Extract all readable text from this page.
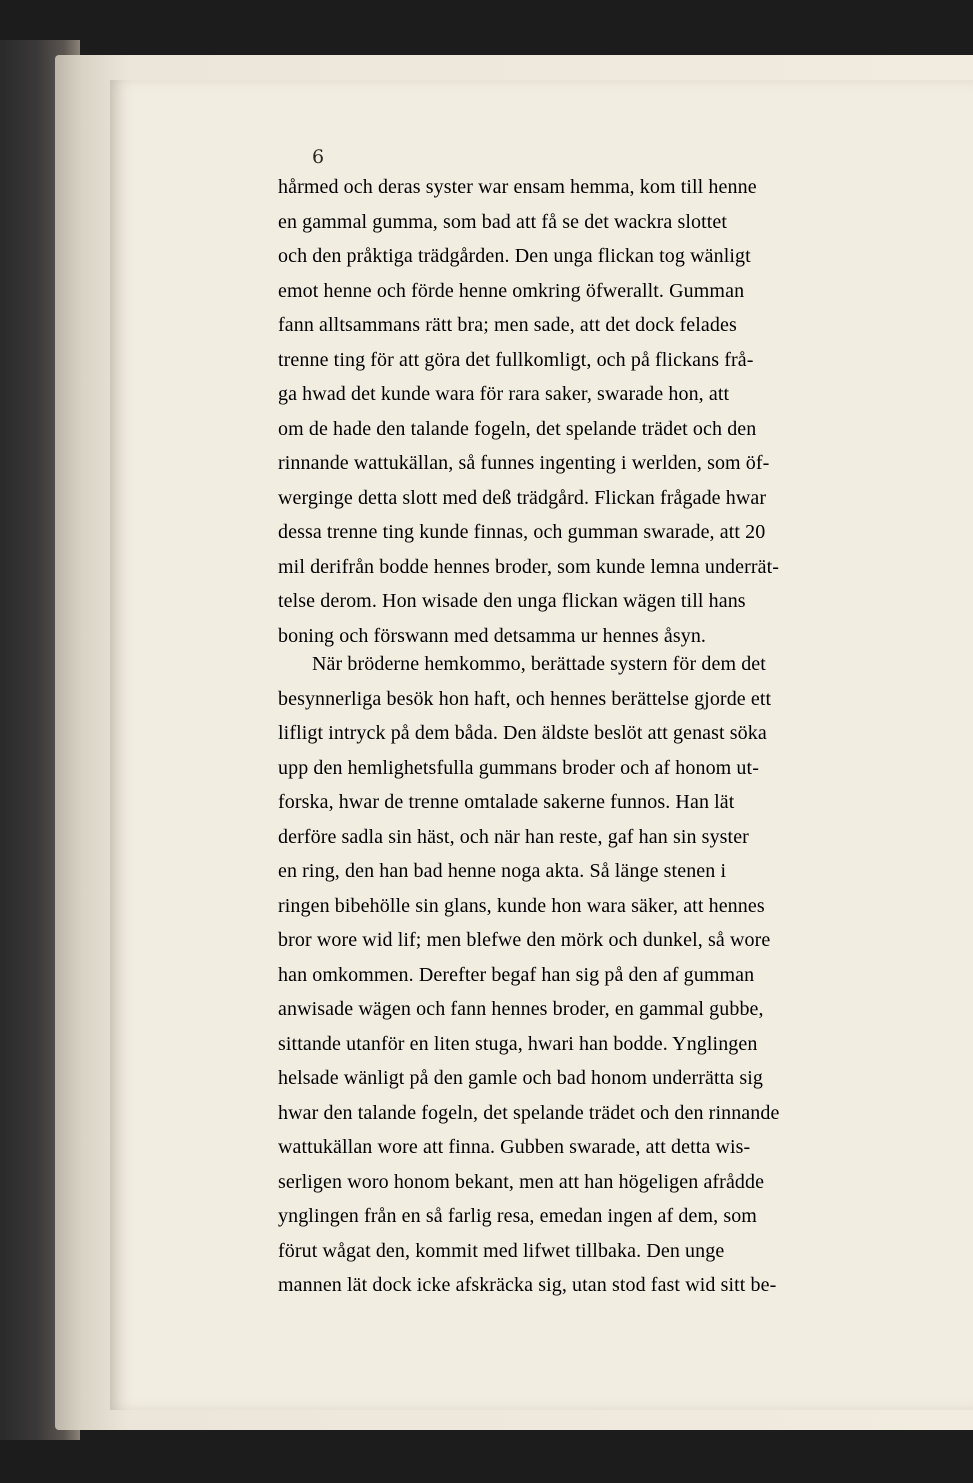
6
hårmed och deras syster war ensam hemma, kom till henne
en gammal gumma, som bad att få se det wackra slottet
och den pråktiga trädgården. Den unga flickan tog wänligt
emot henne och förde henne omkring öfwerallt. Gumman
fann alltsammans rätt bra; men sade, att det dock felades
trenne ting för att göra det fullkomligt, och på flickans frå-
ga hwad det kunde wara för rara saker, swarade hon, att
om de hade den talande fogeln, det spelande trädet och den
rinnande wattukällan, så funnes ingenting i werlden, som öf-
werginge detta slott med deß trädgård. Flickan frågade hwar
dessa trenne ting kunde finnas, och gumman swarade, att 20
mil derifrån bodde hennes broder, som kunde lemna underrät-
telse derom. Hon wisade den unga flickan wägen till hans
boning och förswann med detsamma ur hennes åsyn.
När bröderne hemkommo, berättade systern för dem det
besynnerliga besök hon haft, och hennes berättelse gjorde ett
lifligt intryck på dem båda. Den äldste beslöt att genast söka
upp den hemlighetsfulla gummans broder och af honom ut-
forska, hwar de trenne omtalade sakerne funnos. Han lät
derföre sadla sin häst, och när han reste, gaf han sin syster
en ring, den han bad henne noga akta. Så länge stenen i
ringen bibehölle sin glans, kunde hon wara säker, att hennes
bror wore wid lif; men blefwe den mörk och dunkel, så wore
han omkommen. Derefter begaf han sig på den af gumman
anwisade wägen och fann hennes broder, en gammal gubbe,
sittande utanför en liten stuga, hwari han bodde. Ynglingen
helsade wänligt på den gamle och bad honom underrätta sig
hwar den talande fogeln, det spelande trädet och den rinnande
wattukällan wore att finna. Gubben swarade, att detta wis-
serligen woro honom bekant, men att han högeligen afrådde
ynglingen från en så farlig resa, emedan ingen af dem, som
förut wågat den, kommit med lifwet tillbaka. Den unge
mannen lät dock icke afskräcka sig, utan stod fast wid sitt be-
